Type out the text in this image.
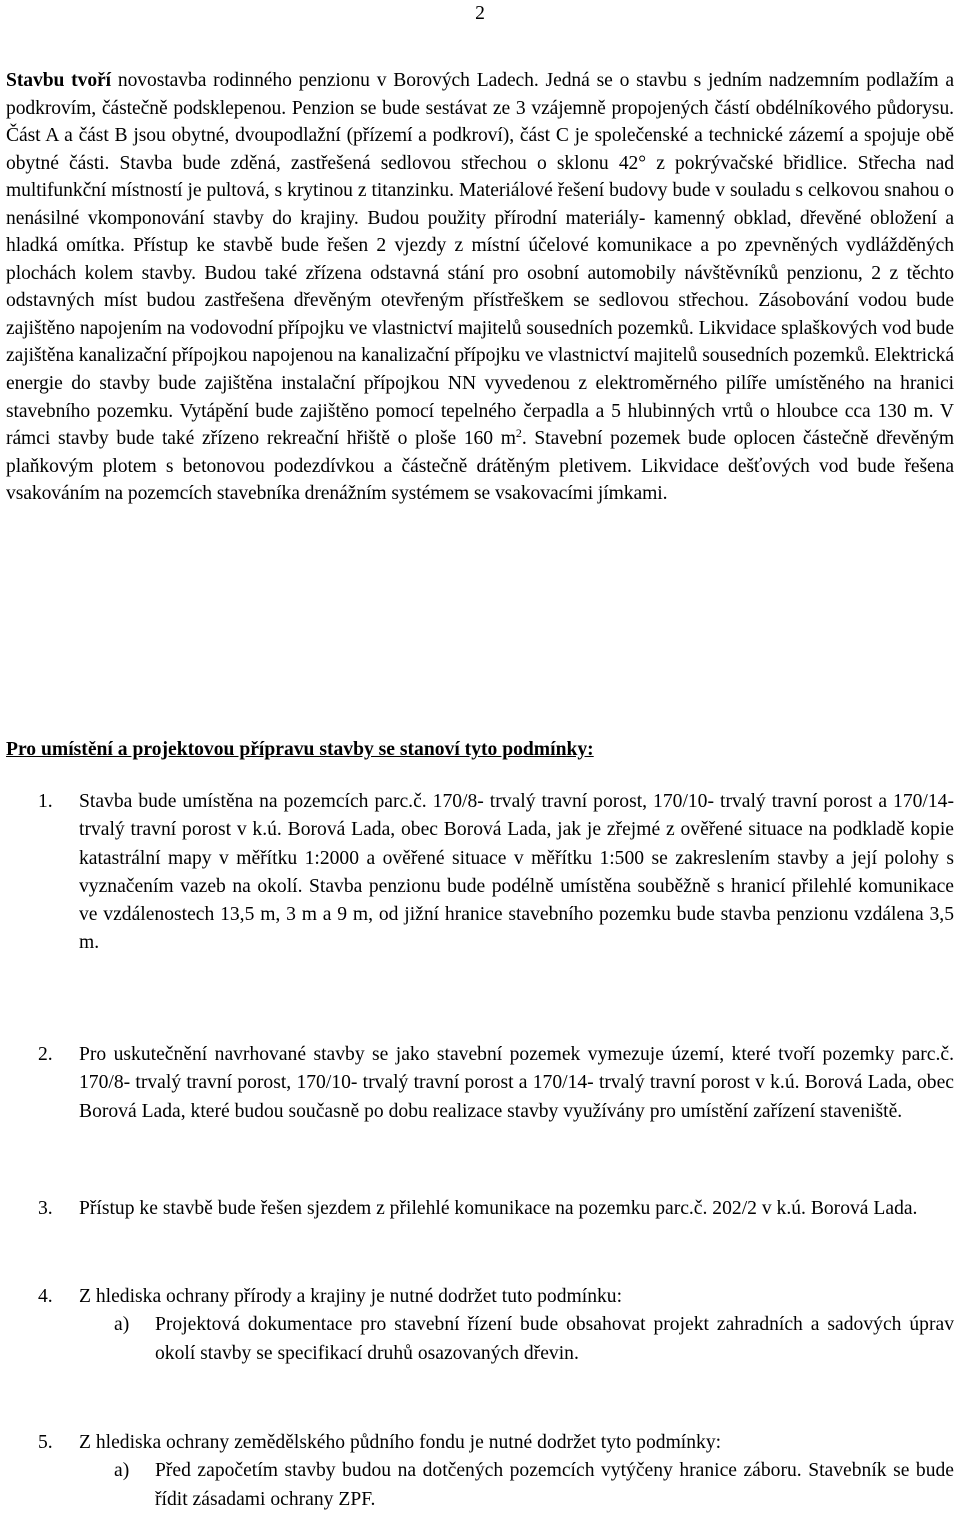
2

Stavbu tvoří novostavba rodinného penzionu v Borových Ladech. Jedná se o stavbu s jedním nadzemním podlažím a podkrovím, částečně podsklepenou. Penzion se bude sestávat ze 3 vzájemně propojených částí obdélníkového půdorysu. Část A a část B jsou obytné, dvoupodlažní (přízemí a podkroví), část C je společenské a technické zázemí a spojuje obě obytné části. Stavba bude zděná, zastřešená sedlovou střechou o sklonu 42° z pokrývačské břidlice. Střecha nad multifunkční místností je pultová, s krytinou z titanzinku. Materiálové řešení budovy bude v souladu s celkovou snahou o nenásilné vkomponování stavby do krajiny. Budou použity přírodní materiály- kamenný obklad, dřevěné obložení a hladká omítka. Přístup ke stavbě bude řešen 2 vjezdy z místní účelové komunikace a po zpevněných vydlážděných plochách kolem stavby. Budou také zřízena odstavná stání pro osobní automobily návštěvníků penzionu, 2 z těchto odstavných míst budou zastřešena dřevěným otevřeným přístřeškem se sedlovou střechou. Zásobování vodou bude zajištěno napojením na vodovodní přípojku ve vlastnictví majitelů sousedních pozemků. Likvidace splaškových vod bude zajištěna kanalizační přípojkou napojenou na kanalizační přípojku ve vlastnictví majitelů sousedních pozemků. Elektrická energie do stavby bude zajištěna instalační přípojkou NN vyvedenou z elektroměrného pilíře umístěného na hranici stavebního pozemku. Vytápění bude zajištěno pomocí tepelného čerpadla a 5 hlubinných vrtů o hloubce cca 130 m. V rámci stavby bude také zřízeno rekreační hřiště o ploše 160 $m^2$. Stavební pozemek bude oplocen částečně dřevěným plaňkovým plotem s betonovou podezdívkou a částečně drátěným pletivem. Likvidace dešťových vod bude řešena vsakováním na pozemcích stavebníka drenážním systémem se vsakovacími jímkami.

Pro umístění a projektovou přípravu stavby se stanoví tyto podmínky:
1. Stavba bude umístěna na pozemcích parc.č. 170/8- trvalý travní porost, 170/10- trvalý travní porost a 170/14- trvalý travní porost v k.ú. Borová Lada, obec Borová Lada, jak je zřejmé z ověřené situace na podkladě kopie katastrální mapy v měřítku 1:2000 a ověřené situace v měřítku 1:500 se zakreslením stavby a její polohy s vyznačením vazeb na okolí. Stavba penzionu bude podélně umístěna souběžně s hranicí přilehlé komunikace ve vzdálenostech 13,5 m, 3 m a 9 m, od jižní hranice stavebního pozemku bude stavba penzionu vzdálena 3,5 m.

2. Pro uskutečnění navrhované stavby se jako stavební pozemek vymezuje území, které tvoří pozemky parc.č. 170/8- trvalý travní porost, 170/10- trvalý travní porost a 170/14- trvalý travní porost v k.ú. Borová Lada, obec Borová Lada, které budou současně po dobu realizace stavby využívány pro umístění zařízení staveniště.

3. Přístup ke stavbě bude řešen sjezdem z přilehlé komunikace na pozemku parc.č. 202/2 v k.ú. Borová Lada.

4. Z hlediska ochrany přírody a krajiny je nutné dodržet tuto podmínku:

a) Projektová dokumentace pro stavební řízení bude obsahovat projekt zahradních a sadových úprav okolí stavby se specifikací druhů osazovaných dřevin.

5. Z hlediska ochrany zemědělského půdního fondu je nutné dodržet tyto podmínky:

a) Před započetím stavby budou na dotčených pozemcích vytýčeny hranice záboru. Stavebník se bude řídit zásadami ochrany ZPF.
